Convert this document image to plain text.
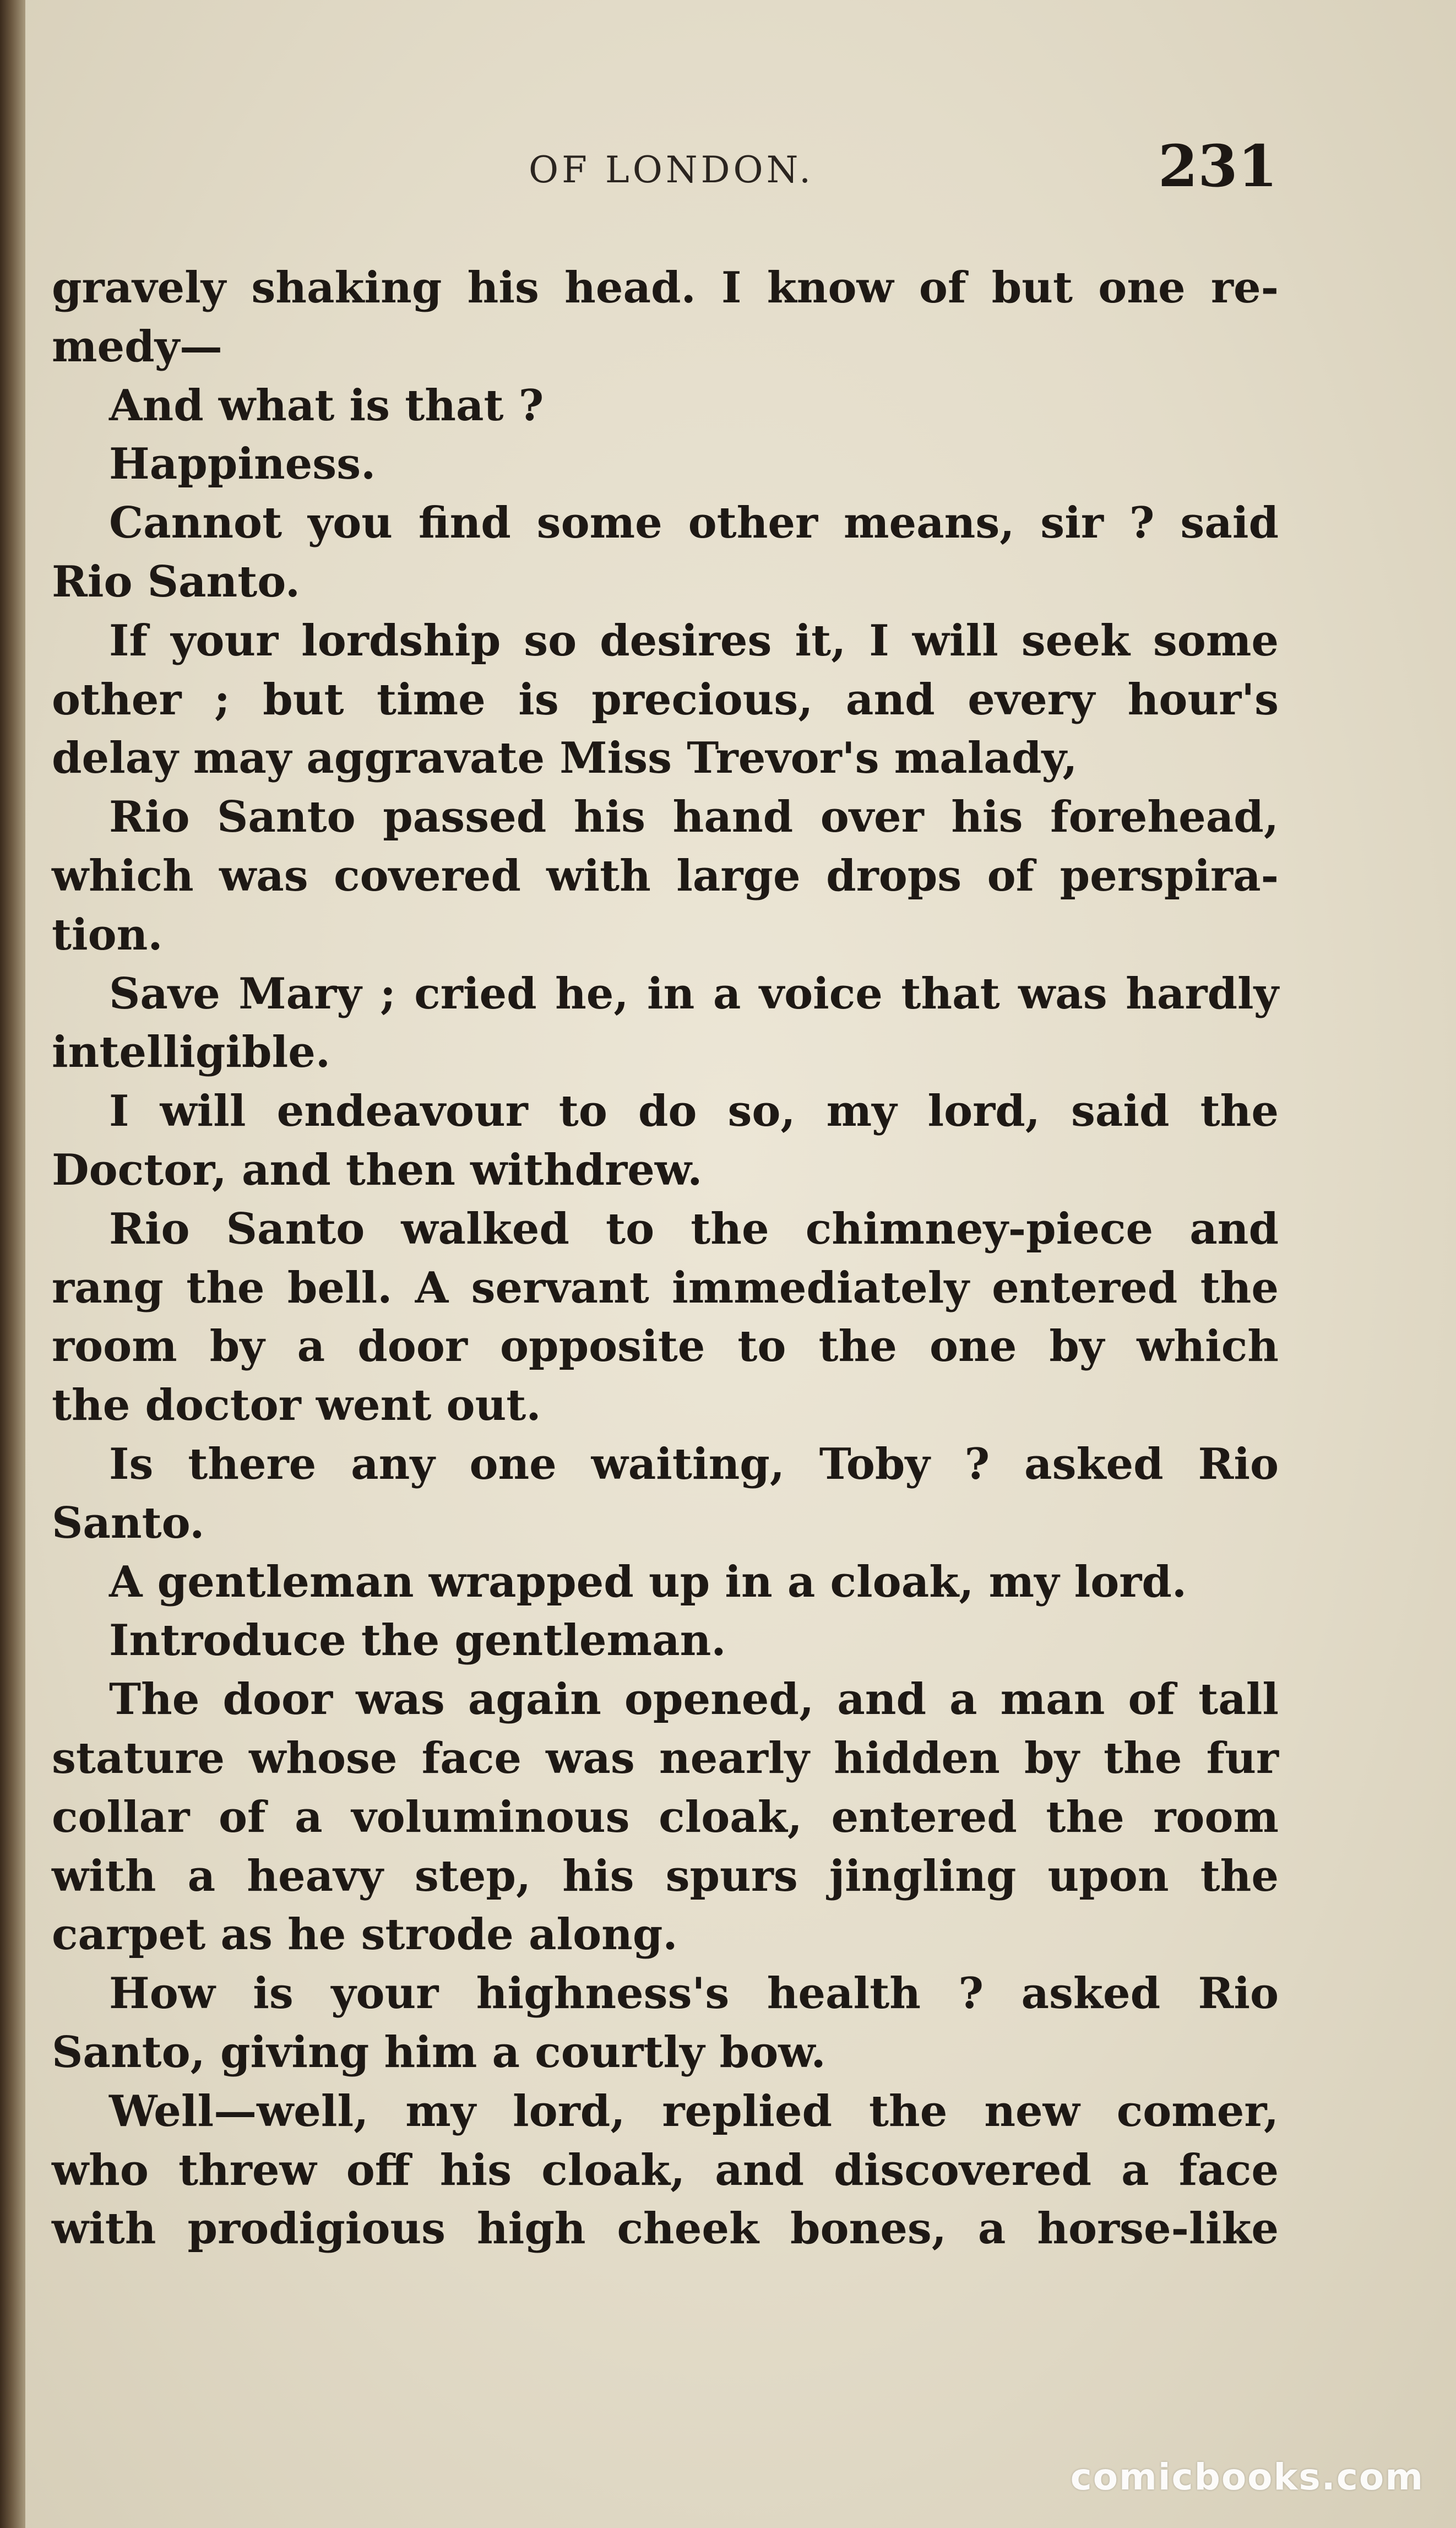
OF LONDON.	231

gravely shaking his head. I know of but one re-
medy—

And what is that ?

Happiness.

Cannot you find some other means, sir ? said
Rio Santo.

If your lordship so desires it, I will seek some
other ; but time is precious, and every hour's
delay may aggravate Miss Trevor's malady,

Rio Santo passed his hand over his forehead,
which was covered with large drops of perspira-
tion.

Save Mary ; cried he, in a voice that was hardly
intelligible.

I will endeavour to do so, my lord, said the
Doctor, and then withdrew.

Rio Santo walked to the chimney-piece and
rang the bell. A servant immediately entered the
room by a door opposite to the one by which
the doctor went out.

Is there any one waiting, Toby ? asked Rio
Santo.

A gentleman wrapped up in a cloak, my lord.

Introduce the gentleman.

The door was again opened, and a man of tall
stature whose face was nearly hidden by the fur
collar of a voluminous cloak, entered the room
with a heavy step, his spurs jingling upon the
carpet as he strode along.

How is your highness's health ? asked Rio
Santo, giving him a courtly bow.

Well—well, my lord, replied the new comer,
who threw off his cloak, and discovered a face
with prodigious high cheek bones, a horse-like

comicbooks.com
